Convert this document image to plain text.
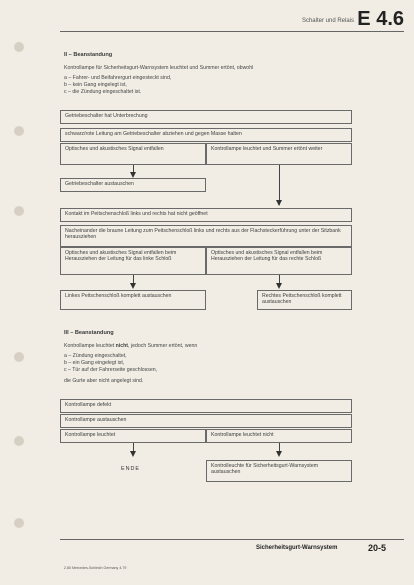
Schalter und Relais E 4.6
II – Beanstandung
Kontrollampe für Sicherheitsgurt-Warnsystem leuchtet und Summer ertönt, obwohl
a – Fahrer- und Beifahrergurt eingesteckt sind,
b – kein Gang eingelegt ist,
c – die Zündung eingeschaltet ist.
Getriebeschalter hat Unterbrechung
schwarz/rote Leitung am Getriebeschalter abziehen und gegen Masse halten
Optisches und akustisches Signal entfallen	Kontrollampe leuchtet und Summer ertönt weiter
Getriebeschalter austauschen
Kontakt im Peitschenschloß links und rechts hat nicht geöffnet
Nacheinander die braune Leitung zum Peitschenschloß links und rechts aus der Flachsteckerführung unter der Sitzbank herausziehen
Optisches und akustisches Signal entfallen beim Herausziehen der Leitung für das linke Schloß
Optisches und akustisches Signal entfallen beim Herausziehen der Leitung für das rechte Schloß
Linkes Peitschenschloß komplett austauschen	Rechtes Peitschenschloß komplett austauschen
III – Beanstandung
Kontrollampe leuchtet nicht, jedoch Summer ertönt, wenn
a – Zündung eingeschaltet,
b – ein Gang eingelegt ist,
c – Tür auf der Fahrerseite geschlossen,
die Gurte aber nicht angelegt sind.
Kontrollampe defekt
Kontrollampe austauschen
Kontrollampe leuchtet	Kontrollampe leuchtet nicht
ENDE	Kontrolleuchte für Sicherheitsgurt-Warnsystem austauschen
Sicherheitsgurt-Warnsystem	20-5
2.80 Mercedes-Schleich Germany 4.79
